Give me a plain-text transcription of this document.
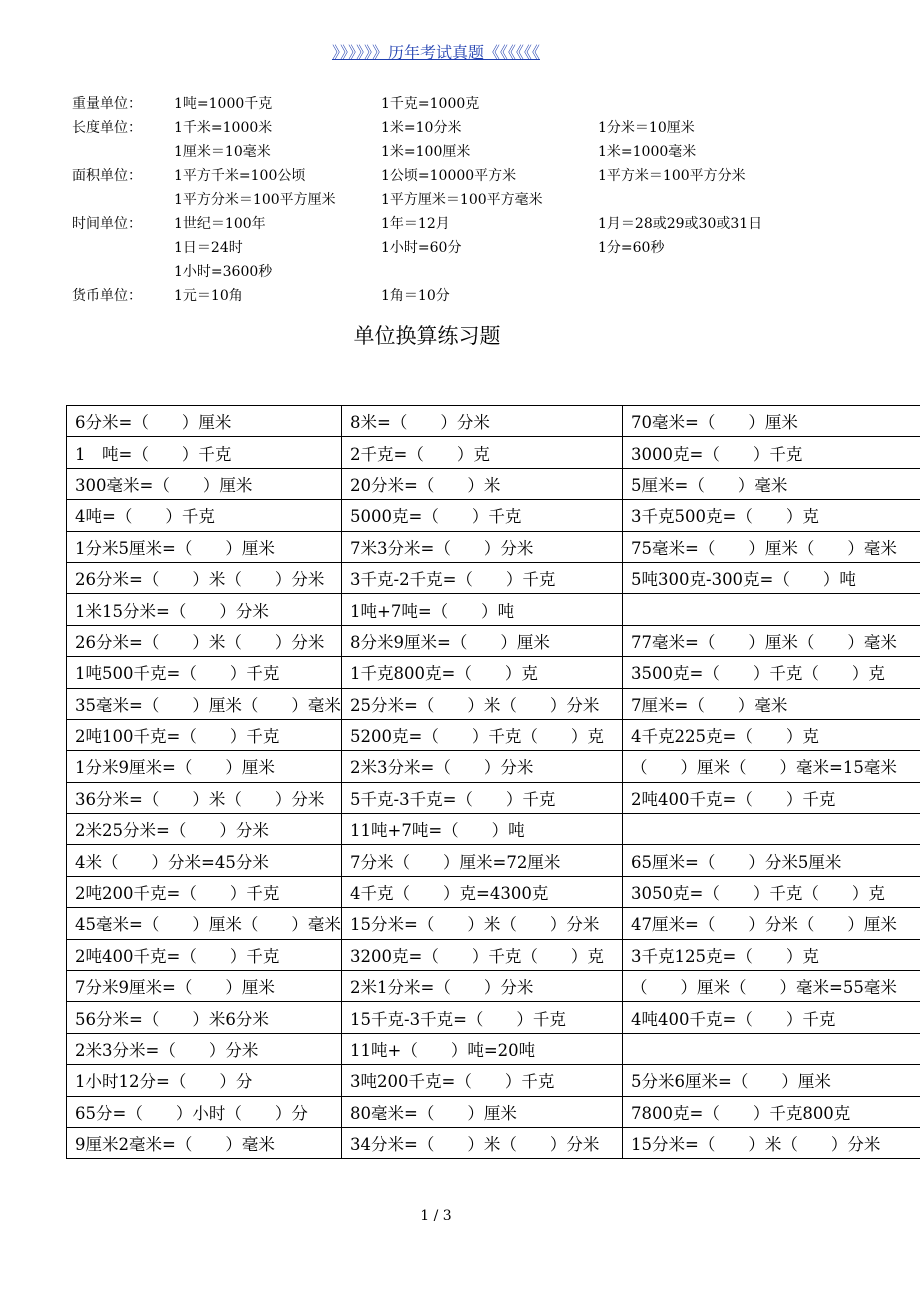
》》》》》》历年考试真题《《《《《《
重量单位： 1吨=1000千克	1千克=1000克
长度单位： 1千米=1000米	1米=10分米	1分米＝10厘米
1厘米＝10毫米	1米=100厘米	1米=1000毫米
面积单位： 1平方千米=100公顷	1公顷=10000平方米	1平方米＝100平方分米
1平方分米＝100平方厘米	1平方厘米＝100平方毫米
时间单位： 1世纪＝100年	1年＝12月	1月＝28或29或30或31日
1日＝24时	1小时=60分	1分=60秒
1小时=3600秒
货币单位： 1元＝10角	1角＝10分
单位换算练习题
6分米=（　　）厘米	8米=（　　）分米	70毫米=（　　）厘米
1　吨=（　　）千克	2千克=（　　）克	3000克=（　　）千克
300毫米=（　　）厘米	20分米=（　　）米	5厘米=（　　）毫米
4吨=（　　）千克	5000克=（　　）千克	3千克500克=（　　）克
1分米5厘米=（　　）厘米	7米3分米=（　　）分米	75毫米=（　　）厘米（　　）毫米
26分米=（　　）米（　　）分米	3千克-2千克=（　　）千克	5吨300克-300克=（　　）吨
1米15分米=（　　）分米	1吨+7吨=（　　）吨	
26分米=（　　）米（　　）分米	8分米9厘米=（　　）厘米	77毫米=（　　）厘米（　　）毫米
1吨500千克=（　　）千克	1千克800克=（　　）克	3500克=（　　）千克（　　）克
35毫米=（　　）厘米（　　）毫米	25分米=（　　）米（　　）分米	7厘米=（　　）毫米
2吨100千克=（　　）千克	5200克=（　　）千克（　　）克	4千克225克=（　　）克
1分米9厘米=（　　）厘米	2米3分米=（　　）分米	（　　）厘米（　　）毫米=15毫米
36分米=（　　）米（　　）分米	5千克-3千克=（　　）千克	2吨400千克=（　　）千克
2米25分米=（　　）分米	11吨+7吨=（　　）吨	
4米（　　）分米=45分米	7分米（　　）厘米=72厘米	65厘米=（　　）分米5厘米
2吨200千克=（　　）千克	4千克（　　）克=4300克	3050克=（　　）千克（　　）克
45毫米=（　　）厘米（　　）毫米	15分米=（　　）米（　　）分米	47厘米=（　　）分米（　　）厘米
2吨400千克=（　　）千克	3200克=（　　）千克（　　）克	3千克125克=（　　）克
7分米9厘米=（　　）厘米	2米1分米=（　　）分米	（　　）厘米（　　）毫米=55毫米
56分米=（　　）米6分米	15千克-3千克=（　　）千克	4吨400千克=（　　）千克
2米3分米=（　　）分米	11吨+（　　）吨=20吨	
1小时12分=（　　）分	3吨200千克=（　　）千克	5分米6厘米=（　　）厘米
65分=（　　）小时（　　）分	80毫米=（　　）厘米	7800克=（　　）千克800克
9厘米2毫米=（　　）毫米	34分米=（　　）米（　　）分米	15分米=（　　）米（　　）分米
1 / 3
